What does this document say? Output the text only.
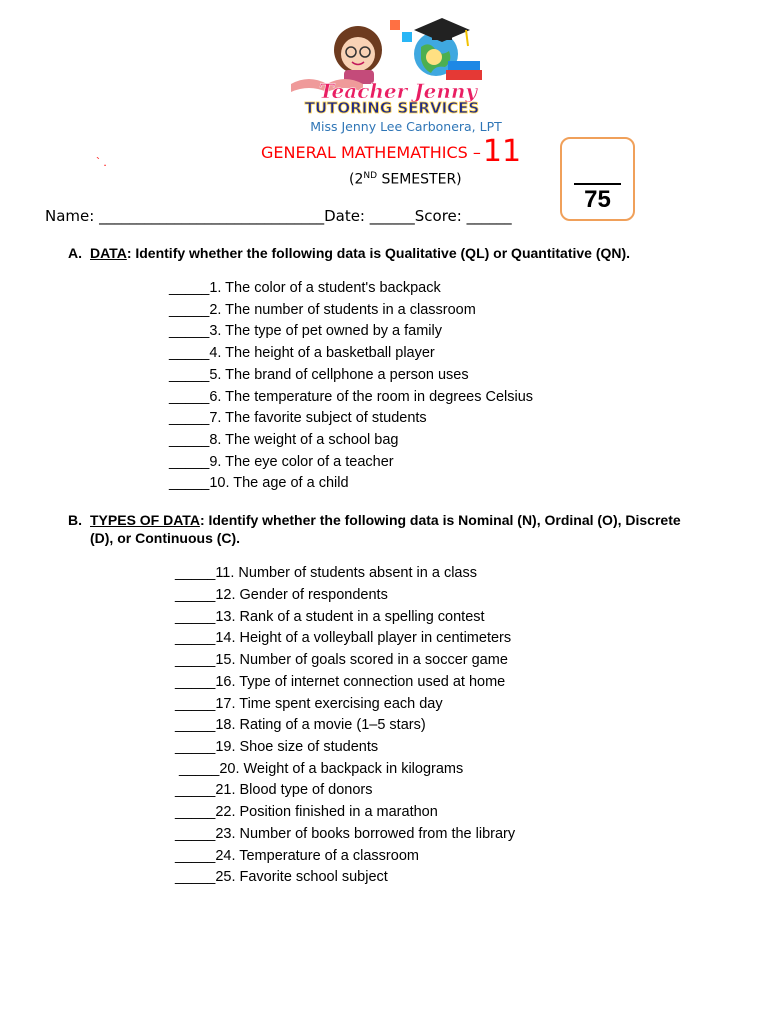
Teacher Jenny
TUTORING SERVICES
Miss Jenny Lee Carbonera, LPT
` .	GENERAL MATHEMATHICS –11
(2ND SEMESTER)
75
Name: ______________________________Date: ______Score: ______
A. DATA: Identify whether the following data is Qualitative (QL) or Quantitative (QN).
_____1. The color of a student's backpack
_____2. The number of students in a classroom
_____3. The type of pet owned by a family
_____4. The height of a basketball player
_____5. The brand of cellphone a person uses
_____6. The temperature of the room in degrees Celsius
_____7. The favorite subject of students
_____8. The weight of a school bag
_____9. The eye color of a teacher
_____10. The age of a child
B. TYPES OF DATA: Identify whether the following data is Nominal (N), Ordinal (O), Discrete (D), or Continuous (C).
_____11. Number of students absent in a class
_____12. Gender of respondents
_____13. Rank of a student in a spelling contest
_____14. Height of a volleyball player in centimeters
_____15. Number of goals scored in a soccer game
_____16. Type of internet connection used at home
_____17. Time spent exercising each day
_____18. Rating of a movie (1–5 stars)
_____19. Shoe size of students
_____20. Weight of a backpack in kilograms
_____21. Blood type of donors
_____22. Position finished in a marathon
_____23. Number of books borrowed from the library
_____24. Temperature of a classroom
_____25. Favorite school subject
